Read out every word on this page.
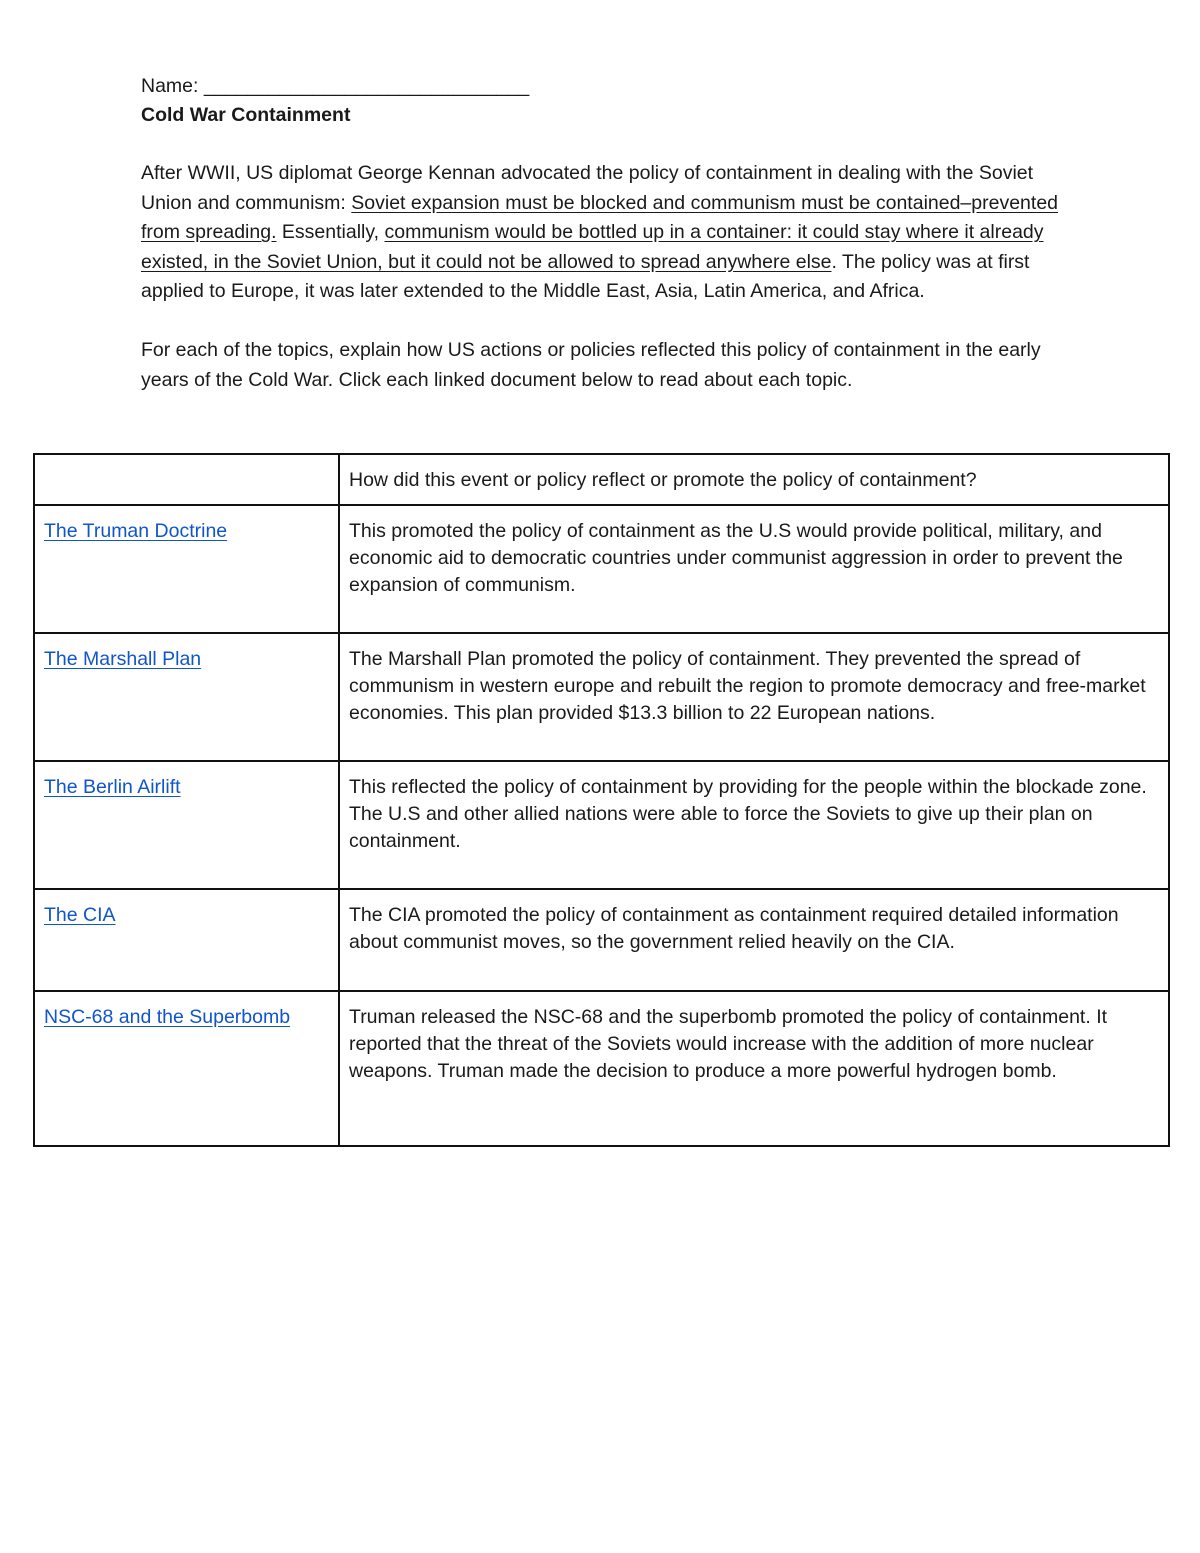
Name: ______________________________
Cold War Containment
After WWII, US diplomat George Kennan advocated the policy of containment in dealing with the Soviet Union and communism: Soviet expansion must be blocked and communism must be contained–prevented from spreading. Essentially, communism would be bottled up in a container: it could stay where it already existed, in the Soviet Union, but it could not be allowed to spread anywhere else. The policy was at first applied to Europe, it was later extended to the Middle East, Asia, Latin America, and Africa.
For each of the topics, explain how US actions or policies reflected this policy of containment in the early years of the Cold War. Click each linked document below to read about each topic.
	How did this event or policy reflect or promote the policy of containment?
The Truman Doctrine	This promoted the policy of containment as the U.S would provide political, military, and economic aid to democratic countries under communist aggression in order to prevent the expansion of communism.
The Marshall Plan	The Marshall Plan promoted the policy of containment. They prevented the spread of communism in western europe and rebuilt the region to promote democracy and free-market economies. This plan provided $13.3 billion to 22 European nations.
The Berlin Airlift	This reflected the policy of containment by providing for the people within the blockade zone. The U.S and other allied nations were able to force the Soviets to give up their plan on containment.
The CIA	The CIA promoted the policy of containment as containment required detailed information about communist moves, so the government relied heavily on the CIA.
NSC-68 and the Superbomb	Truman released the NSC-68 and the superbomb promoted the policy of containment. It reported that the threat of the Soviets would increase with the addition of more nuclear weapons. Truman made the decision to produce a more powerful hydrogen bomb.
